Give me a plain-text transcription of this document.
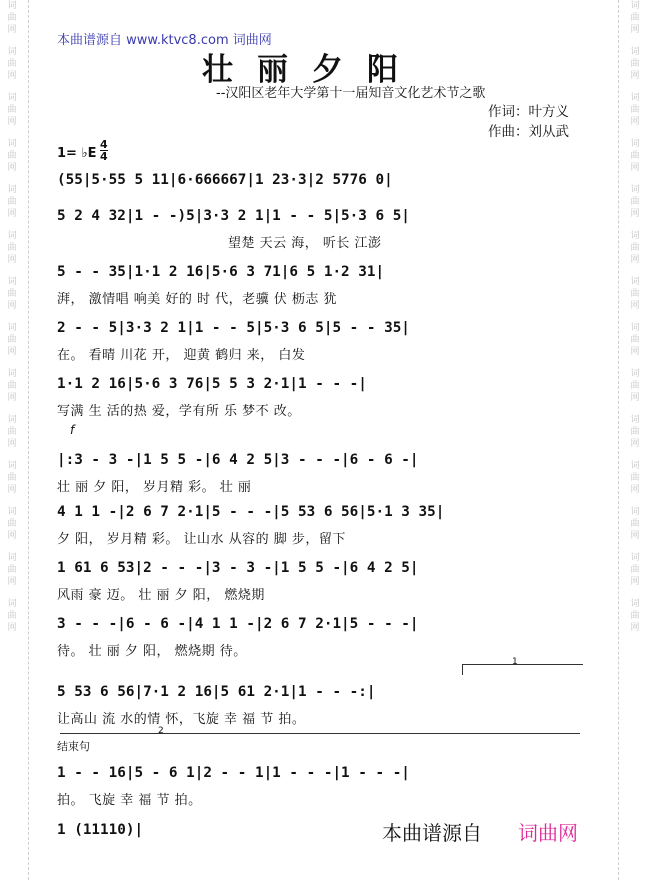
词
曲
网
词
曲
网
词
曲
网
词
曲
网
词
曲
网
词
曲
网
词
曲
网
词
曲
网
词
曲
网
词
曲
网
词
曲
网
词
曲
网
词
曲
网
词
曲
网
词
曲
网
词
曲
网
词
曲
网
词
曲
网
词
曲
网
词
曲
网
词
曲
网
词
曲
网
词
曲
网
词
曲
网
词
曲
网
词
曲
网
词
曲
网
词
曲
网
本曲谱源自 www.ktvc8.com 词曲网
壮丽夕阳
--汉阳区老年大学第十一届知音文化艺术节之歌
作词：叶方义
作曲：刘从武
1= ♭E
4
4
(55|5·55 5 11|6·666667|1 23·3|2 5776 0|
5 2 4 32|1 - -)5|3·3 2 1|1 - - 5|5·3 6 5|
望楚 天云 海， 听长 江澎
5 - - 35|1·1 2 16|5·6 3 71|6 5 1·2 31|
湃， 激情唱 响美 好的 时 代，老骥 伏 枥志 犹
2 - - 5|3·3 2 1|1 - - 5|5·3 6 5|5 - - 35|
在。 看晴 川花 开， 迎黄 鹤归 来， 白发
1·1 2 16|5·6 3 76|5 5 3 2·1|1 - - -|
写满 生 活的热 爱，学有所 乐 梦不 改。
|:3 - 3 -|1 5 5 -|6 4 2 5|3 - - -|6 - 6 -|
壮 丽 夕 阳， 岁月精 彩。 壮 丽
4 1 1 -|2 6 7 2·1|5 - - -|5 53 6 56|5·1 3 35|
夕 阳， 岁月精 彩。 让山水 从容的 脚 步，留下
1 61 6 53|2 - - -|3 - 3 -|1 5 5 -|6 4 2 5|
风雨 豪 迈。 壮 丽 夕 阳， 燃烧期
3 - - -|6 - 6 -|4 1 1 -|2 6 7 2·1|5 - - -|
待。 壮 丽 夕 阳， 燃烧期 待。
5 53 6 56|7·1 2 16|5 61 2·1|1 - - -:|
让高山 流 水的情 怀，飞旋 幸 福 节 拍。
1 - - 16|5 - 6 1|2 - - 1|1 - - -|1 - - -|
拍。 飞旋 幸 福 节 拍。
1 (11110)|
f
结束句
1
2
本曲谱源自 词曲网
